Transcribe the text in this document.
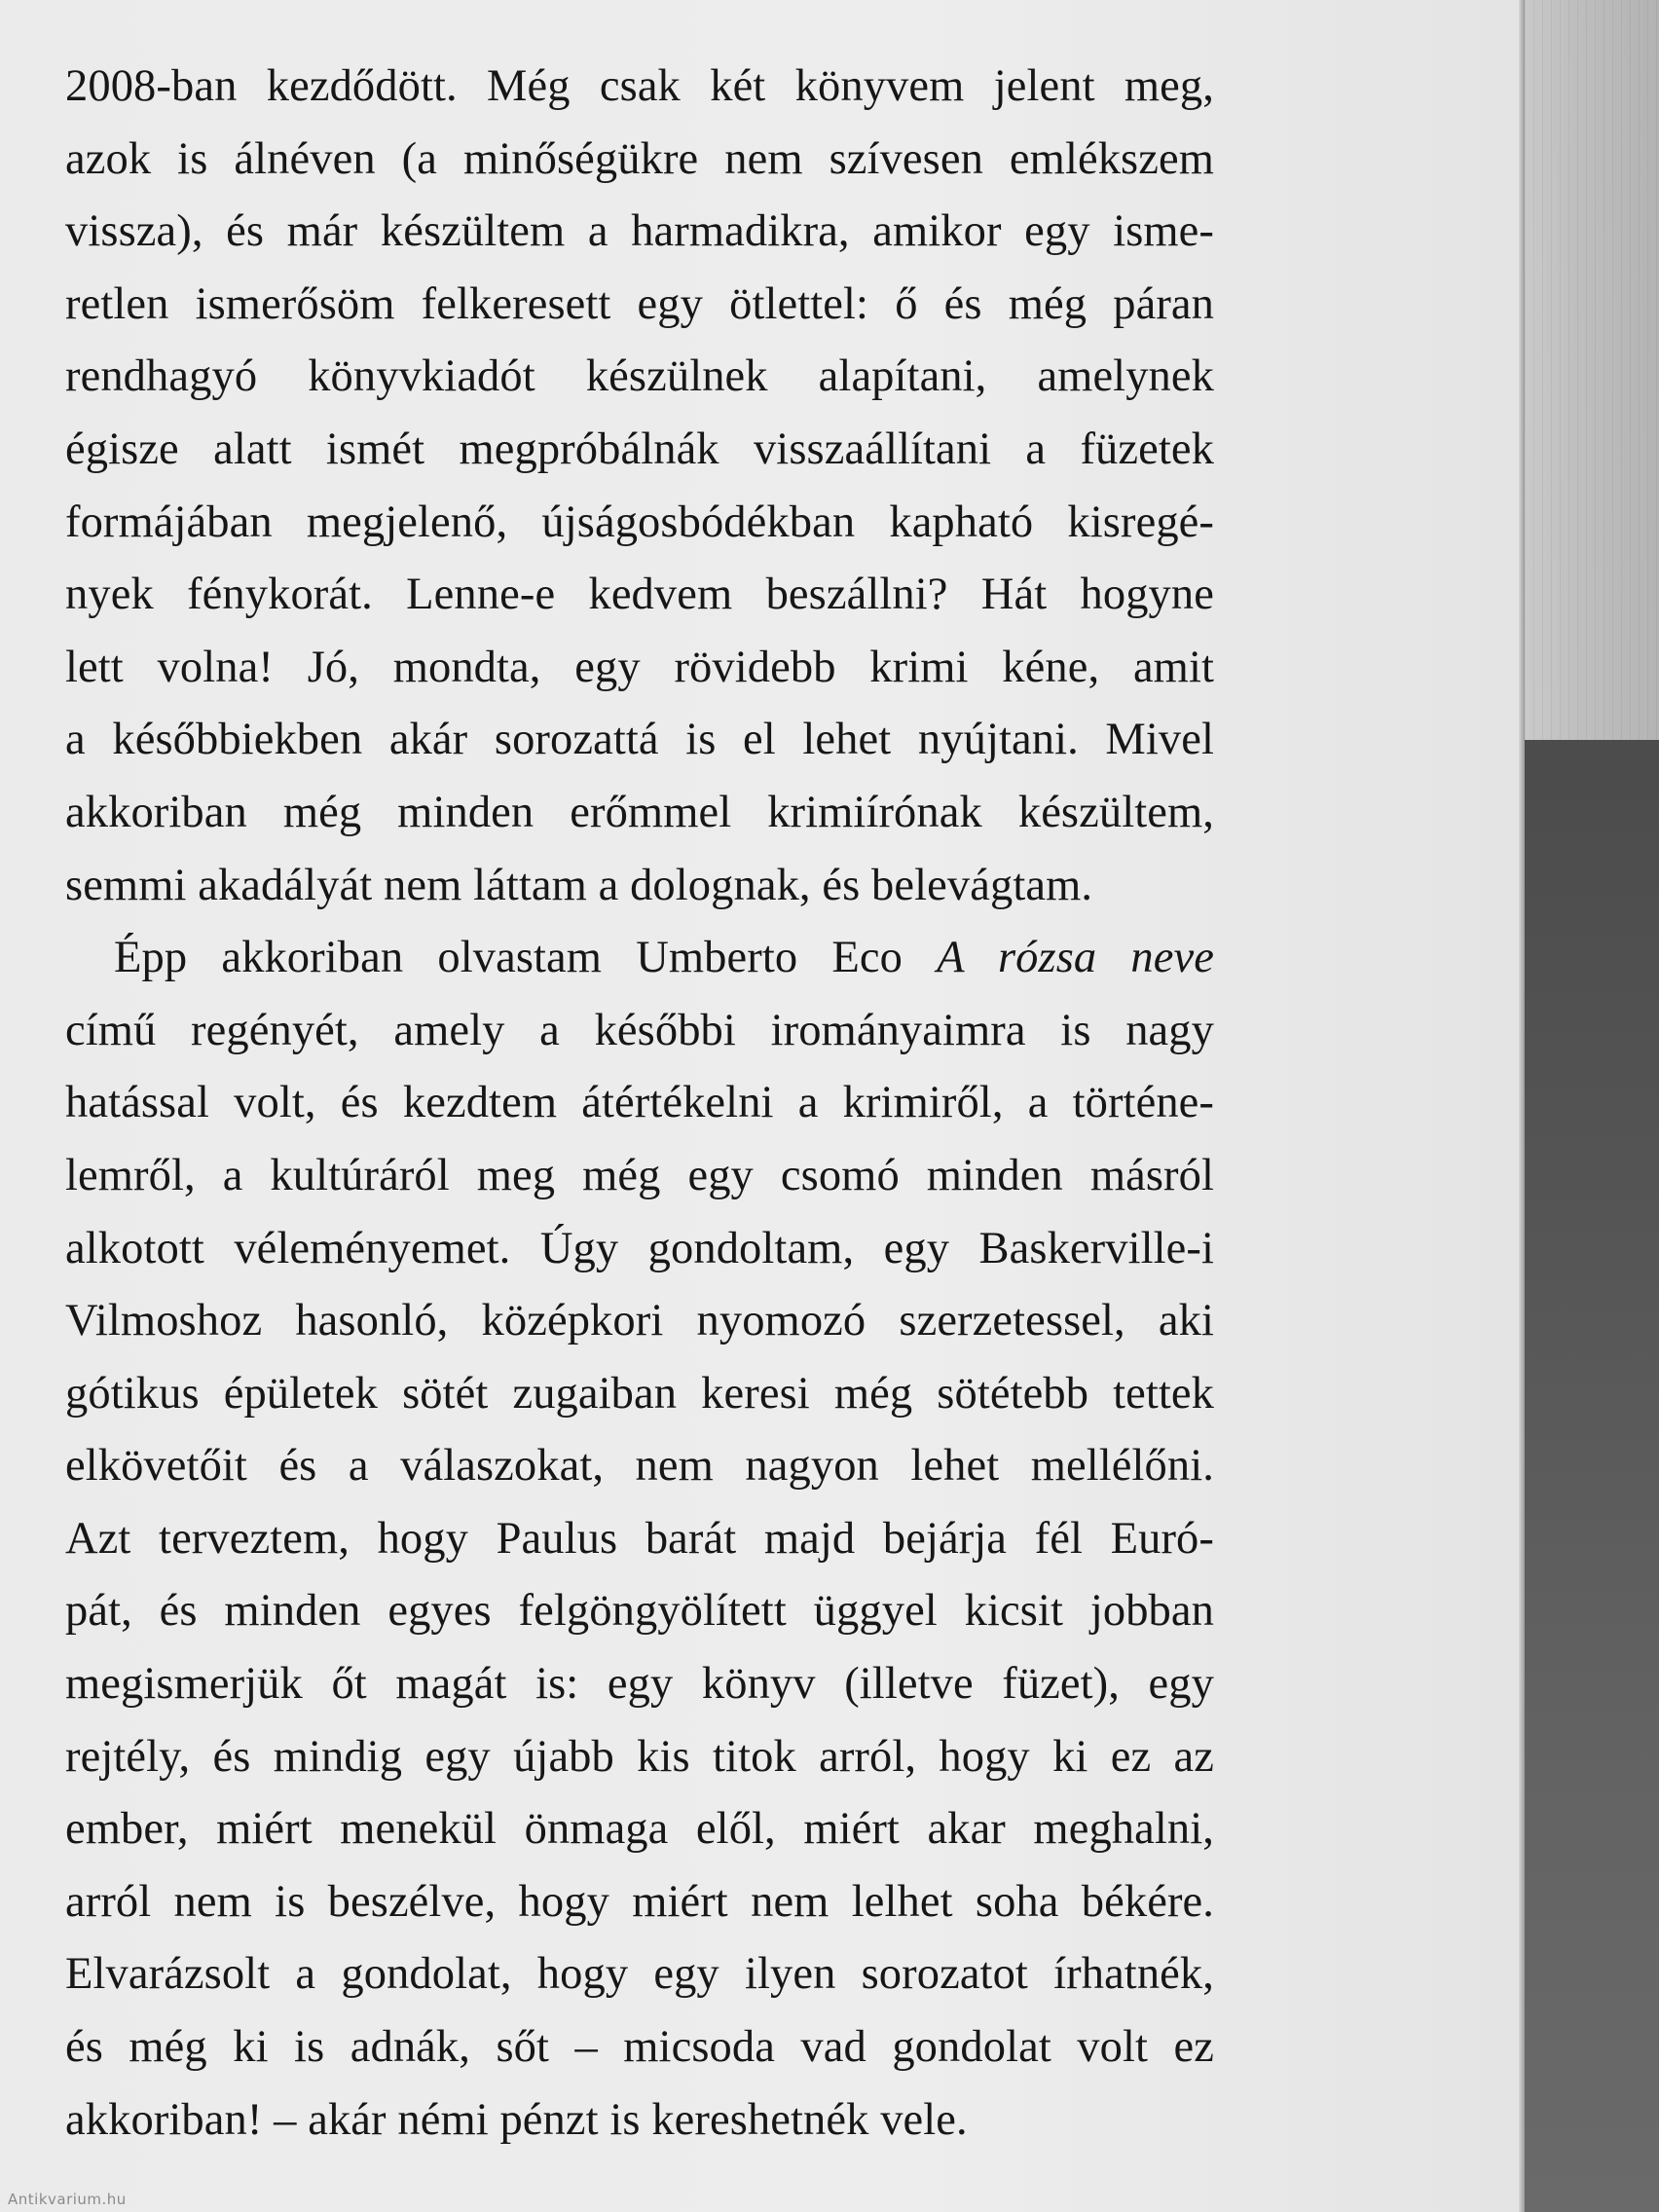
2008-ban kezdődött. Még csak két könyvem jelent meg,
azok is álnéven (a minőségükre nem szívesen emlékszem
vissza), és már készültem a harmadikra, amikor egy isme-
retlen ismerősöm felkeresett egy ötlettel: ő és még páran
rendhagyó könyvkiadót készülnek alapítani, amelynek
égisze alatt ismét megpróbálnák visszaállítani a füzetek
formájában megjelenő, újságosbódékban kapható kisregé-
nyek fénykorát. Lenne-e kedvem beszállni? Hát hogyne
lett volna! Jó, mondta, egy rövidebb krimi kéne, amit
a későbbiekben akár sorozattá is el lehet nyújtani. Mivel
akkoriban még minden erőmmel krimiírónak készültem,
semmi akadályát nem láttam a dolognak, és belevágtam.
Épp akkoriban olvastam Umberto Eco A rózsa neve
című regényét, amely a későbbi irományaimra is nagy
hatással volt, és kezdtem átértékelni a krimiről, a történe-
lemről, a kultúráról meg még egy csomó minden másról
alkotott véleményemet. Úgy gondoltam, egy Baskerville-i
Vilmoshoz hasonló, középkori nyomozó szerzetessel, aki
gótikus épületek sötét zugaiban keresi még sötétebb tettek
elkövetőit és a válaszokat, nem nagyon lehet mellélőni.
Azt terveztem, hogy Paulus barát majd bejárja fél Euró-
pát, és minden egyes felgöngyölített üggyel kicsit jobban
megismerjük őt magát is: egy könyv (illetve füzet), egy
rejtély, és mindig egy újabb kis titok arról, hogy ki ez az
ember, miért menekül önmaga elől, miért akar meghalni,
arról nem is beszélve, hogy miért nem lelhet soha békére.
Elvarázsolt a gondolat, hogy egy ilyen sorozatot írhatnék,
és még ki is adnák, sőt – micsoda vad gondolat volt ez
akkoriban! – akár némi pénzt is kereshetnék vele.
Antikvarium.hu
